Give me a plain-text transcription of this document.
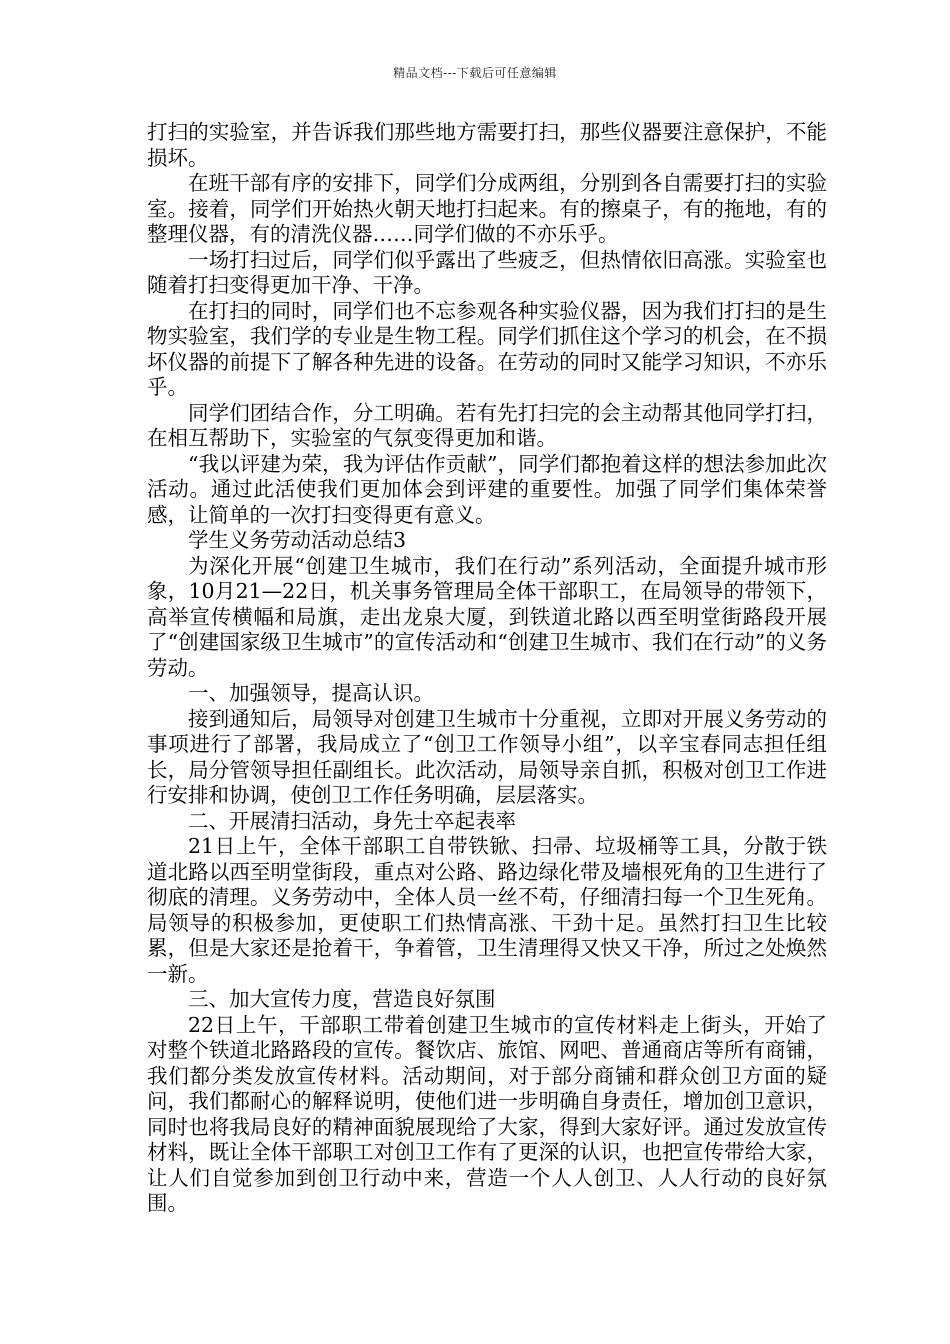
精品文档---下载后可任意编辑

打扫的实验室，并告诉我们那些地方需要打扫，那些仪器要注意保护，不能损坏。

在班干部有序的安排下，同学们分成两组，分别到各自需要打扫的实验室。接着，同学们开始热火朝天地打扫起来。有的擦桌子，有的拖地，有的整理仪器，有的清洗仪器……同学们做的不亦乐乎。

一场打扫过后，同学们似乎露出了些疲乏，但热情依旧高涨。实验室也随着打扫变得更加干净、干净。

在打扫的同时，同学们也不忘参观各种实验仪器，因为我们打扫的是生物实验室，我们学的专业是生物工程。同学们抓住这个学习的机会，在不损坏仪器的前提下了解各种先进的设备。在劳动的同时又能学习知识，不亦乐乎。

同学们团结合作，分工明确。若有先打扫完的会主动帮其他同学打扫，在相互帮助下，实验室的气氛变得更加和谐。

“我以评建为荣，我为评估作贡献”，同学们都抱着这样的想法参加此次活动。通过此活使我们更加体会到评建的重要性。加强了同学们集体荣誉感，让简单的一次打扫变得更有意义。

学生义务劳动活动总结3

为深化开展“创建卫生城市，我们在行动”系列活动，全面提升城市形象，10月21—22日，机关事务管理局全体干部职工，在局领导的带领下，高举宣传横幅和局旗，走出龙泉大厦，到铁道北路以西至明堂街路段开展了“创建国家级卫生城市”的宣传活动和“创建卫生城市、我们在行动”的义务劳动。

一、加强领导，提高认识。

接到通知后，局领导对创建卫生城市十分重视，立即对开展义务劳动的事项进行了部署，我局成立了“创卫工作领导小组”，以辛宝春同志担任组长，局分管领导担任副组长。此次活动，局领导亲自抓，积极对创卫工作进行安排和协调，使创卫工作任务明确，层层落实。

二、开展清扫活动，身先士卒起表率

21日上午，全体干部职工自带铁锨、扫帚、垃圾桶等工具，分散于铁道北路以西至明堂街段，重点对公路、路边绿化带及墙根死角的卫生进行了彻底的清理。义务劳动中，全体人员一丝不苟，仔细清扫每一个卫生死角。局领导的积极参加，更使职工们热情高涨、干劲十足。虽然打扫卫生比较累，但是大家还是抢着干，争着管，卫生清理得又快又干净，所过之处焕然一新。

三、加大宣传力度，营造良好氛围

22日上午，干部职工带着创建卫生城市的宣传材料走上街头，开始了对整个铁道北路路段的宣传。餐饮店、旅馆、网吧、普通商店等所有商铺，我们都分类发放宣传材料。活动期间，对于部分商铺和群众创卫方面的疑问，我们都耐心的解释说明，使他们进一步明确自身责任，增加创卫意识，同时也将我局良好的精神面貌展现给了大家，得到大家好评。通过发放宣传材料，既让全体干部职工对创卫工作有了更深的认识，也把宣传带给大家，让人们自觉参加到创卫行动中来，营造一个人人创卫、人人行动的良好氛围。
